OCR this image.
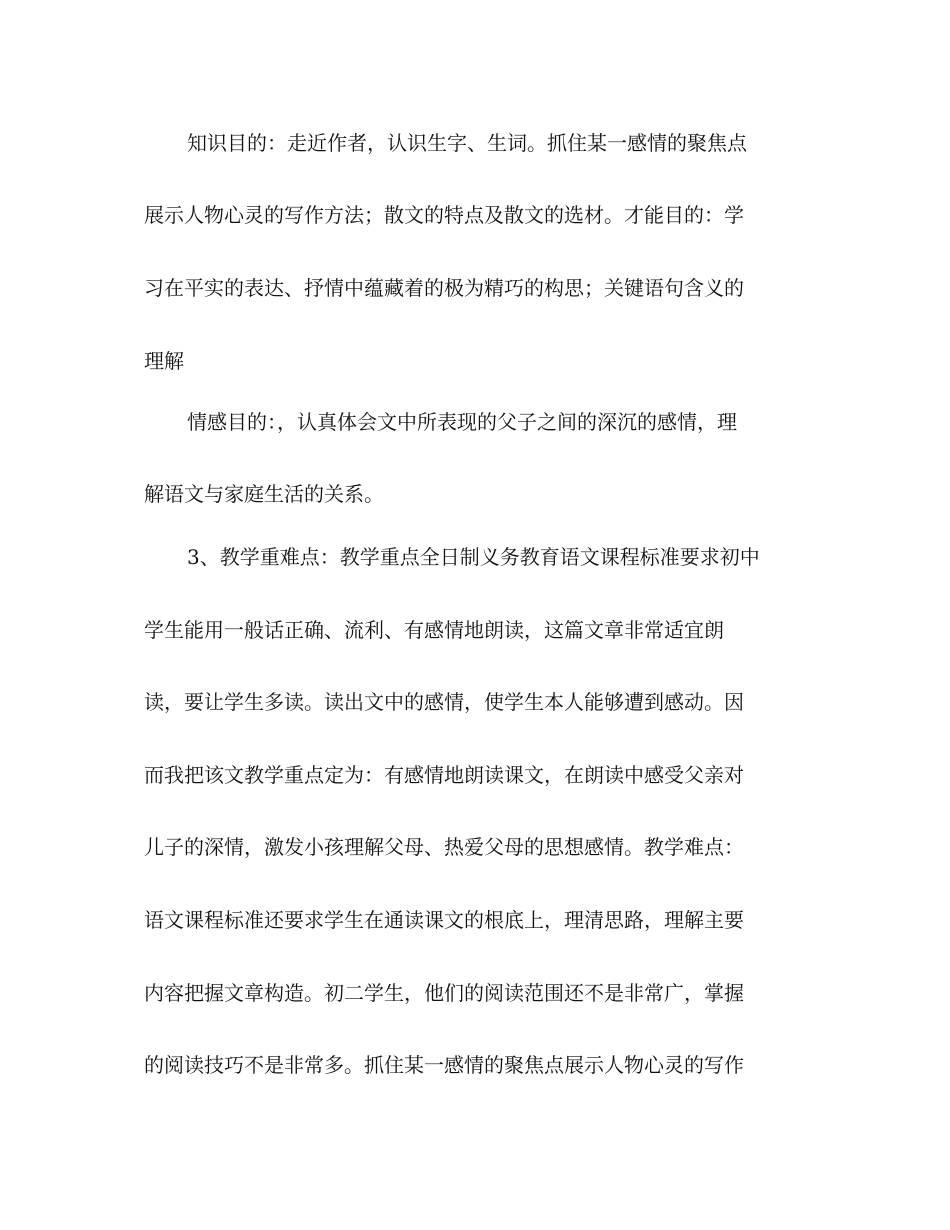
知识目的：走近作者，认识生字、生词。抓住某一感情的聚焦点

展示人物心灵的写作方法；散文的特点及散文的选材。才能目的：学

习在平实的表达、抒情中蕴藏着的极为精巧的构思；关键语句含义的

理解

情感目的：，认真体会文中所表现的父子之间的深沉的感情，理

解语文与家庭生活的关系。

3、教学重难点：教学重点全日制义务教育语文课程标准要求初中

学生能用一般话正确、流利、有感情地朗读，这篇文章非常适宜朗

读，要让学生多读。读出文中的感情，使学生本人能够遭到感动。因

而我把该文教学重点定为：有感情地朗读课文，在朗读中感受父亲对

儿子的深情，激发小孩理解父母、热爱父母的思想感情。教学难点：

语文课程标准还要求学生在通读课文的根底上，理清思路，理解主要

内容把握文章构造。初二学生，他们的阅读范围还不是非常广，掌握

的阅读技巧不是非常多。抓住某一感情的聚焦点展示人物心灵的写作
